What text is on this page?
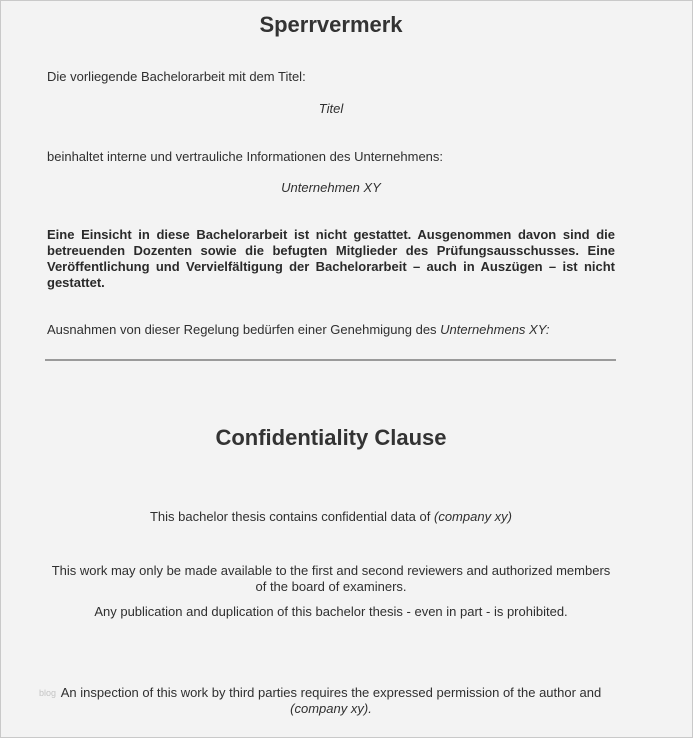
Sperrvermerk
Die vorliegende Bachelorarbeit mit dem Titel:
Titel
beinhaltet interne und vertrauliche Informationen des Unternehmens:
Unternehmen XY
Eine Einsicht in diese Bachelorarbeit ist nicht gestattet. Ausgenommen davon sind die betreuenden Dozenten sowie die befugten Mitglieder des Prüfungsausschusses. Eine Veröffentlichung und Vervielfältigung der Bachelorarbeit – auch in Auszügen – ist nicht gestattet.
Ausnahmen von dieser Regelung bedürfen einer Genehmigung des Unternehmens XY:
Confidentiality Clause
This bachelor thesis contains confidential data of (company xy)
This work may only be made available to the first and second reviewers and authorized members of the board of examiners.
Any publication and duplication of this bachelor thesis - even in part - is prohibited.
blog An inspection of this work by third parties requires the expressed permission of the author and
(company xy).
